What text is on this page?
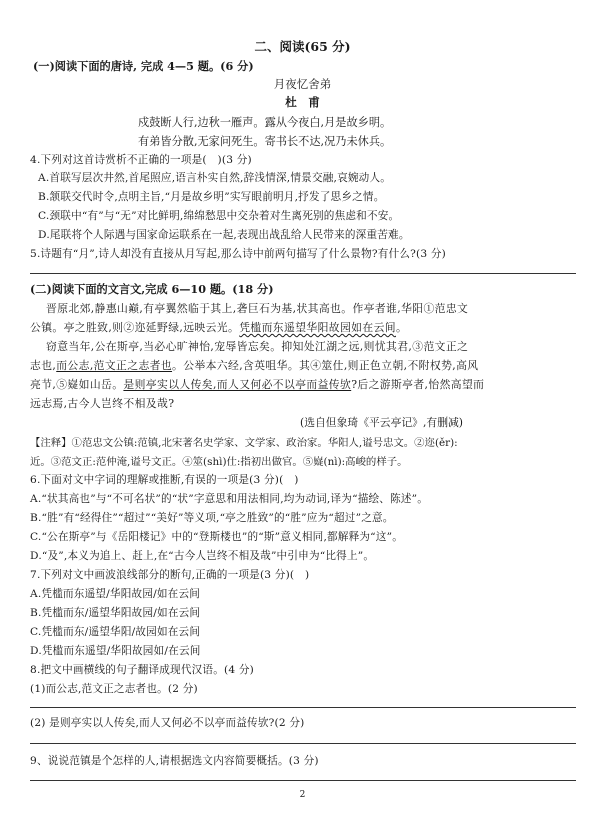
二、阅读(65 分)
(一)阅读下面的唐诗, 完成 4—5 题。(6 分)
月夜忆舍弟
杜　甫
戍鼓断人行,边秋一雁声。露从今夜白,月是故乡明。
有弟皆分散,无家问死生。寄书长不达,况乃未休兵。
4.下列对这首诗赏析不正确的一项是(　)(3 分)
A.首联写层次井然,首尾照应,语言朴实自然,辞浅情深,情景交融,哀婉动人。
B.颔联交代时令,点明主旨,“月是故乡明”实写眼前明月,抒发了思乡之情。
C.颈联中“有”与“无”对比鲜明,绵绵愁思中交杂着对生离死别的焦虑和不安。
D.尾联将个人际遇与国家命运联系在一起,表现出战乱给人民带来的深重苦难。
5.诗题有“月”,诗人却没有直接从月写起,那么诗中前两句描写了什么景物?有什么?(3 分)
(二)阅读下面的文言文,完成 6—10 题。(18 分)
晋原北郊,静惠山巅,有亭翼然临于其上,砻巨石为基,状其高也。作亭者谁,华阳①范忠文
公镇。亭之胜致,则②迩延野绿,远映云光。凭槛而东遥望华阳故园如在云间。
窃意当年,公在斯亭,当必心旷神怡,宠辱皆忘矣。抑知处江湖之远,则忧其君,③范文正之
志也,而公志,范文正之志者也。公举本六经,含英咀华。其④筮仕,则正色立朝,不附权势,高风
亮节,⑤嶷如山岳。是则亭实以人传矣,而人又何必不以亭而益传欤?后之游斯亭者,怡然高望而
远志焉,古今人岂终不相及哉?
(选自但象琦《平云亭记》,有删减)
【注释】①范忠文公镇:范镇,北宋著名史学家、文学家、政治家。华阳人,谥号忠文。②迩(ěr):
近。③范文正:范仲淹,谥号文正。④筮(shì)仕:指初出做官。⑤嶷(nì):高峻的样子。
6.下面对文中字词的理解或推断,有误的一项是(3 分)(　)
A.“状其高也”与“不可名状”的“状”字意思和用法相同,均为动词,译为“描绘、陈述”。
B.“胜”有“经得住”“超过”“美好”等义项,“亭之胜致”的“胜”应为“超过”之意。
C.“公在斯亭”与《岳阳楼记》中的“登斯楼也”的“斯”意义相同,都解释为“这”。
D.“及”,本义为追上、赶上,在“古今人岂终不相及哉”中引申为“比得上”。
7.下列对文中画波浪线部分的断句,正确的一项是(3 分)(　)
A.凭槛而东遥望/华阳故园/如在云间
B.凭槛而东/遥望华阳故园/如在云间
C.凭槛而东/遥望华阳/故园如在云间
D.凭槛而东遥望/华阳故园如/在云间
8.把文中画横线的句子翻译成现代汉语。(4 分)
(1)而公志,范文正之志者也。(2 分)
(2) 是则亭实以人传矣,而人又何必不以亭而益传欤?(2 分)
9、说说范镇是个怎样的人,请根据选文内容简要概括。(3 分)
2
